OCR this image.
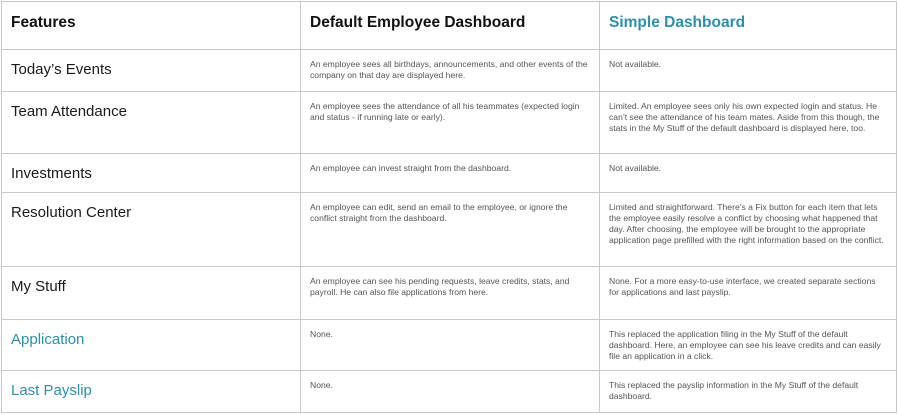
Features	Default Employee Dashboard	Simple Dashboard

Today’s Events	An employee sees all birthdays, announcements, and other events of the company on that day are displayed here.	Not available.

Team Attendance	An employee sees the attendance of all his teammates (expected login and status - if running late or early).	Limited. An employee sees only his own expected login and status. He can’t see the attendance of his team mates. Aside from this though, the stats in the My Stuff of the default dashboard is displayed here, too.

Investments	An employee can invest straight from the dashboard.	Not available.

Resolution Center	An employee can edit, send an email to the employee, or ignore the conflict straight from the dashboard.	Limited and straightforward. There’s a Fix button for each item that lets the employee easily resolve a conflict by choosing what happened that day. After choosing, the employee will be brought to the appropriate application page prefilled with the right information based on the conflict.

My Stuff	An employee can see his pending requests, leave credits, stats, and payroll. He can also file applications from here.	None. For a more easy-to-use interface, we created separate sections for applications and last payslip.

Application	None.	This replaced the application filing in the My Stuff of the default dashboard. Here, an employee can see his leave credits and can easily file an application in a click.

Last Payslip	None.	This replaced the payslip information in the My Stuff of the default dashboard.
